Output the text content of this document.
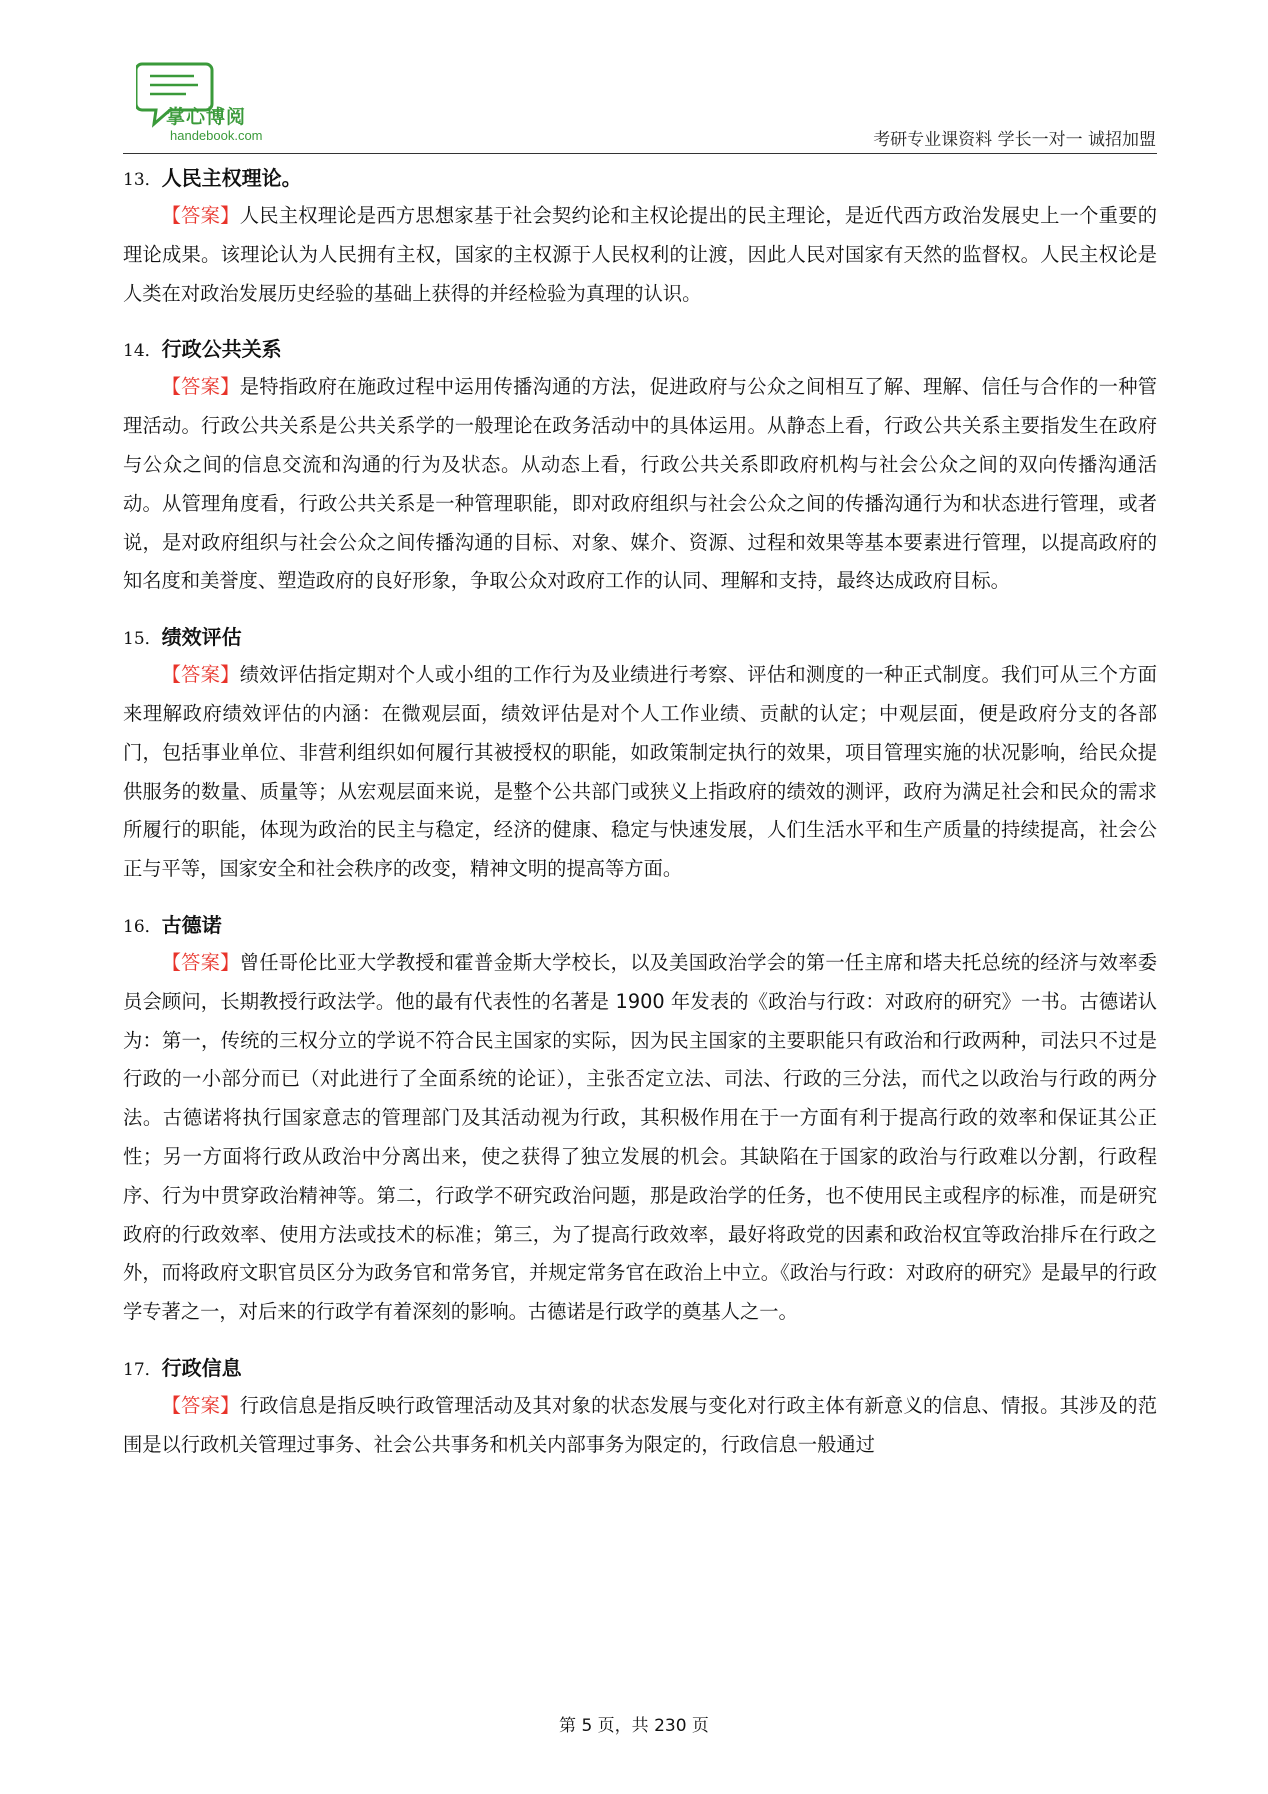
掌心博阅
handebook.com	考研专业课资料 学长一对一 诚招加盟
13．人民主权理论。

【答案】人民主权理论是西方思想家基于社会契约论和主权论提出的民主理论，是近代西方政治发展史上一个重要的理论成果。该理论认为人民拥有主权，国家的主权源于人民权利的让渡，因此人民对国家有天然的监督权。人民主权论是人类在对政治发展历史经验的基础上获得的并经检验为真理的认识。

14．行政公共关系

【答案】是特指政府在施政过程中运用传播沟通的方法，促进政府与公众之间相互了解、理解、信任与合作的一种管理活动。行政公共关系是公共关系学的一般理论在政务活动中的具体运用。从静态上看，行政公共关系主要指发生在政府与公众之间的信息交流和沟通的行为及状态。从动态上看，行政公共关系即政府机构与社会公众之间的双向传播沟通活动。从管理角度看，行政公共关系是一种管理职能，即对政府组织与社会公众之间的传播沟通行为和状态进行管理，或者说，是对政府组织与社会公众之间传播沟通的目标、对象、媒介、资源、过程和效果等基本要素进行管理，以提高政府的知名度和美誉度、塑造政府的良好形象，争取公众对政府工作的认同、理解和支持，最终达成政府目标。

15．绩效评估

【答案】绩效评估指定期对个人或小组的工作行为及业绩进行考察、评估和测度的一种正式制度。我们可从三个方面来理解政府绩效评估的内涵：在微观层面，绩效评估是对个人工作业绩、贡献的认定；中观层面，便是政府分支的各部门，包括事业单位、非营利组织如何履行其被授权的职能，如政策制定执行的效果，项目管理实施的状况影响，给民众提供服务的数量、质量等；从宏观层面来说，是整个公共部门或狭义上指政府的绩效的测评，政府为满足社会和民众的需求所履行的职能，体现为政治的民主与稳定，经济的健康、稳定与快速发展，人们生活水平和生产质量的持续提高，社会公正与平等，国家安全和社会秩序的改变，精神文明的提高等方面。

16．古德诺

【答案】曾任哥伦比亚大学教授和霍普金斯大学校长，以及美国政治学会的第一任主席和塔夫托总统的经济与效率委员会顾问，长期教授行政法学。他的最有代表性的名著是 1900 年发表的《政治与行政：对政府的研究》一书。古德诺认为：第一，传统的三权分立的学说不符合民主国家的实际，因为民主国家的主要职能只有政治和行政两种，司法只不过是行政的一小部分而已（对此进行了全面系统的论证），主张否定立法、司法、行政的三分法，而代之以政治与行政的两分法。古德诺将执行国家意志的管理部门及其活动视为行政，其积极作用在于一方面有利于提高行政的效率和保证其公正性；另一方面将行政从政治中分离出来，使之获得了独立发展的机会。其缺陷在于国家的政治与行政难以分割，行政程序、行为中贯穿政治精神等。第二，行政学不研究政治问题，那是政治学的任务，也不使用民主或程序的标准，而是研究政府的行政效率、使用方法或技术的标准；第三，为了提高行政效率，最好将政党的因素和政治权宜等政治排斥在行政之外，而将政府文职官员区分为政务官和常务官，并规定常务官在政治上中立。《政治与行政：对政府的研究》是最早的行政学专著之一，对后来的行政学有着深刻的影响。古德诺是行政学的奠基人之一。

17．行政信息

【答案】行政信息是指反映行政管理活动及其对象的状态发展与变化对行政主体有新意义的信息、情报。其涉及的范围是以行政机关管理过事务、社会公共事务和机关内部事务为限定的，行政信息一般通过

第 5 页，共 230 页
